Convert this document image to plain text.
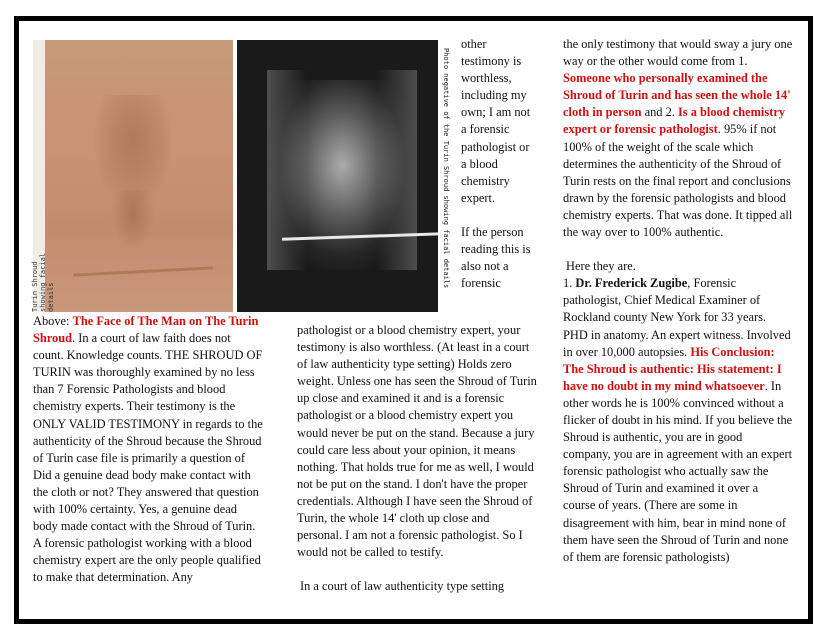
Turin Shroud showing facial details
Photo negative of the Turin Shroud showing facial details

Above: The Face of The Man on The Turin Shroud. In a court of law faith does not count. Knowledge counts. THE SHROUD OF TURIN was thoroughly examined by no less than 7 Forensic Pathologists and blood chemistry experts. Their testimony is the ONLY VALID TESTIMONY in regards to the authenticity of the Shroud because the Shroud of Turin case file is primarily a question of Did a genuine dead body make contact with the cloth or not? They answered that question with 100% certainty. Yes, a genuine dead body made contact with the Shroud of Turin. A forensic pathologist working with a blood chemistry expert are the only people qualified to make that determination. Any

other testimony is worthless, including my own; I am not a forensic pathologist or a blood chemistry expert.

If the person reading this is also not a forensic

pathologist or a blood chemistry expert, your testimony is also worthless. (At least in a court of law authenticity type setting) Holds zero weight. Unless one has seen the Shroud of Turin up close and examined it and is a forensic pathologist or a blood chemistry expert you would never be put on the stand. Because a jury could care less about your opinion, it means nothing. That holds true for me as well, I would not be put on the stand. I don't have the proper credentials. Although I have seen the Shroud of Turin, the whole 14' cloth up close and personal. I am not a forensic pathologist. So I would not be called to testify.

In a court of law authenticity type setting

the only testimony that would sway a jury one way or the other would come from 1. Someone who personally examined the Shroud of Turin and has seen the whole 14' cloth in person and 2. Is a blood chemistry expert or forensic pathologist. 95% if not 100% of the weight of the scale which determines the authenticity of the Shroud of Turin rests on the final report and conclusions drawn by the forensic pathologists and blood chemistry experts. That was done. It tipped all the way over to 100% authentic.

Here they are.

1. Dr. Frederick Zugibe, Forensic pathologist, Chief Medical Examiner of Rockland county New York for 33 years. PHD in anatomy. An expert witness. Involved in over 10,000 autopsies. His Conclusion: The Shroud is authentic: His statement: I have no doubt in my mind whatsoever. In other words he is 100% convinced without a flicker of doubt in his mind. If you believe the Shroud is authentic, you are in good company, you are in agreement with an expert forensic pathologist who actually saw the Shroud of Turin and examined it over a course of years. (There are some in disagreement with him, bear in mind none of them have seen the Shroud of Turin and none of them are forensic pathologists)
